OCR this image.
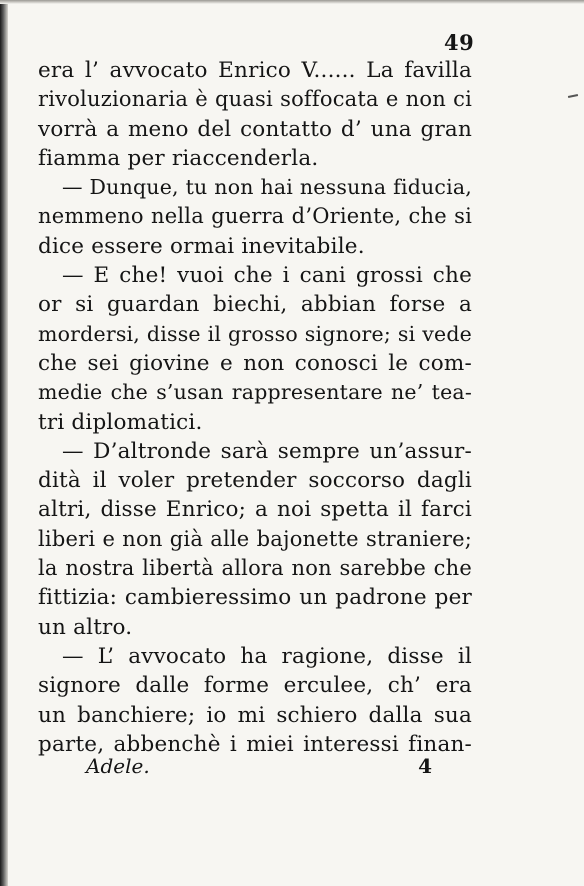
49
era l’ avvocato Enrico V...... La favilla
rivoluzionaria è quasi soffocata e non ci
vorrà a meno del contatto d’ una gran
fiamma per riaccenderla.
— Dunque, tu non hai nessuna fiducia,
nemmeno nella guerra d’Oriente, che si
dice essere ormai inevitabile.
— E che! vuoi che i cani grossi che
or si guardan biechi, abbian forse a
mordersi, disse il grosso signore; si vede
che sei giovine e non conosci le com-
medie che s’usan rappresentare ne’ tea-
tri diplomatici.
— D’altronde sarà sempre un’assur-
dità il voler pretender soccorso dagli
altri, disse Enrico; a noi spetta il farci
liberi e non già alle bajonette straniere;
la nostra libertà allora non sarebbe che
fittizia: cambieressimo un padrone per
un altro.
— L’ avvocato ha ragione, disse il
signore dalle forme erculee, ch’ era
un banchiere; io mi schiero dalla sua
parte, abbenchè i miei interessi finan-
Adele.	4
